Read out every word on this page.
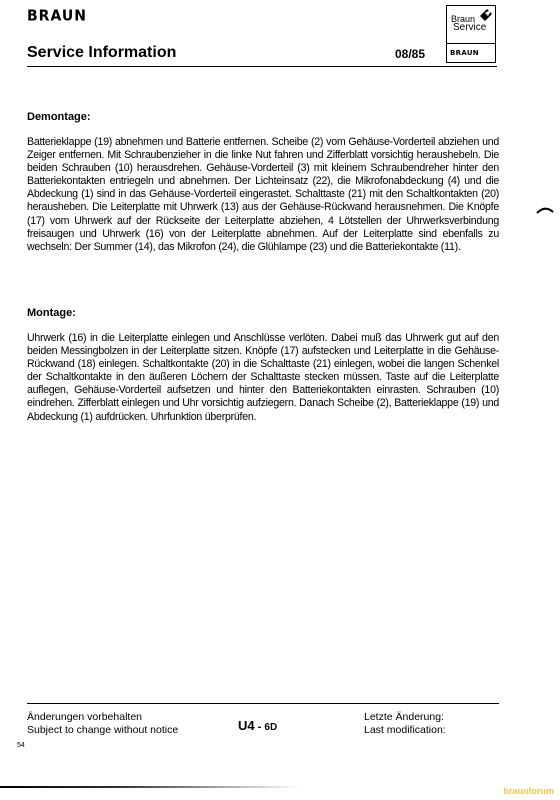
BRAUN
Service Information	08/85
Braun
Service
BRAUN
Demontage:

Batterieklappe (19) abnehmen und Batterie entfernen. Scheibe (2) vom Gehäuse-Vorderteil abziehen und Zeiger entfernen. Mit Schraubenzieher in die linke Nut fahren und Zifferblatt vorsichtig heraushebeln. Die beiden Schrauben (10) herausdrehen. Gehäuse-Vorderteil (3) mit kleinem Schraubendreher hinter den Batteriekontakten entriegeln und abnehmen. Der Lichteinsatz (22), die Mikrofonabdeckung (4) und die Abdeckung (1) sind in das Gehäuse-Vorderteil eingerastet. Schalttaste (21) mit den Schaltkontakten (20) herausheben. Die Leiterplatte mit Uhrwerk (13) aus der Gehäuse-Rückwand herausnehmen. Die Knöpfe (17) vom Uhrwerk auf der Rückseite der Leiterplatte abziehen, 4 Lötstellen der Uhrwerksverbindung freisaugen und Uhrwerk (16) von der Leiterplatte abnehmen. Auf der Leiterplatte sind ebenfalls zu wechseln: Der Summer (14), das Mikrofon (24), die Glühlampe (23) und die Batteriekontakte (11).

Montage:

Uhrwerk (16) in die Leiterplatte einlegen und Anschlüsse verlöten. Dabei muß das Uhrwerk gut auf den beiden Messingbolzen in der Leiterplatte sitzen. Knöpfe (17) aufstecken und Leiterplatte in die Gehäuse-Rückwand (18) einlegen. Schaltkontakte (20) in die Schalttaste (21) einlegen, wobei die langen Schenkel der Schaltkontakte in den äußeren Löchern der Schalttaste stecken müssen. Taste auf die Leiterplatte auflegen, Gehäuse-Vorderteil aufsetzen und hinter den Batteriekontakten einrasten. Schrauben (10) eindrehen. Zifferblatt einlegen und Uhr vorsichtig aufziegern. Danach Scheibe (2), Batterieklappe (19) und Abdeckung (1) aufdrücken. Uhrfunktion überprüfen.

Änderungen vorbehalten
Subject to change without notice	U4 - 6D
Letzte Änderung:
Last modification:
54
braunforum
